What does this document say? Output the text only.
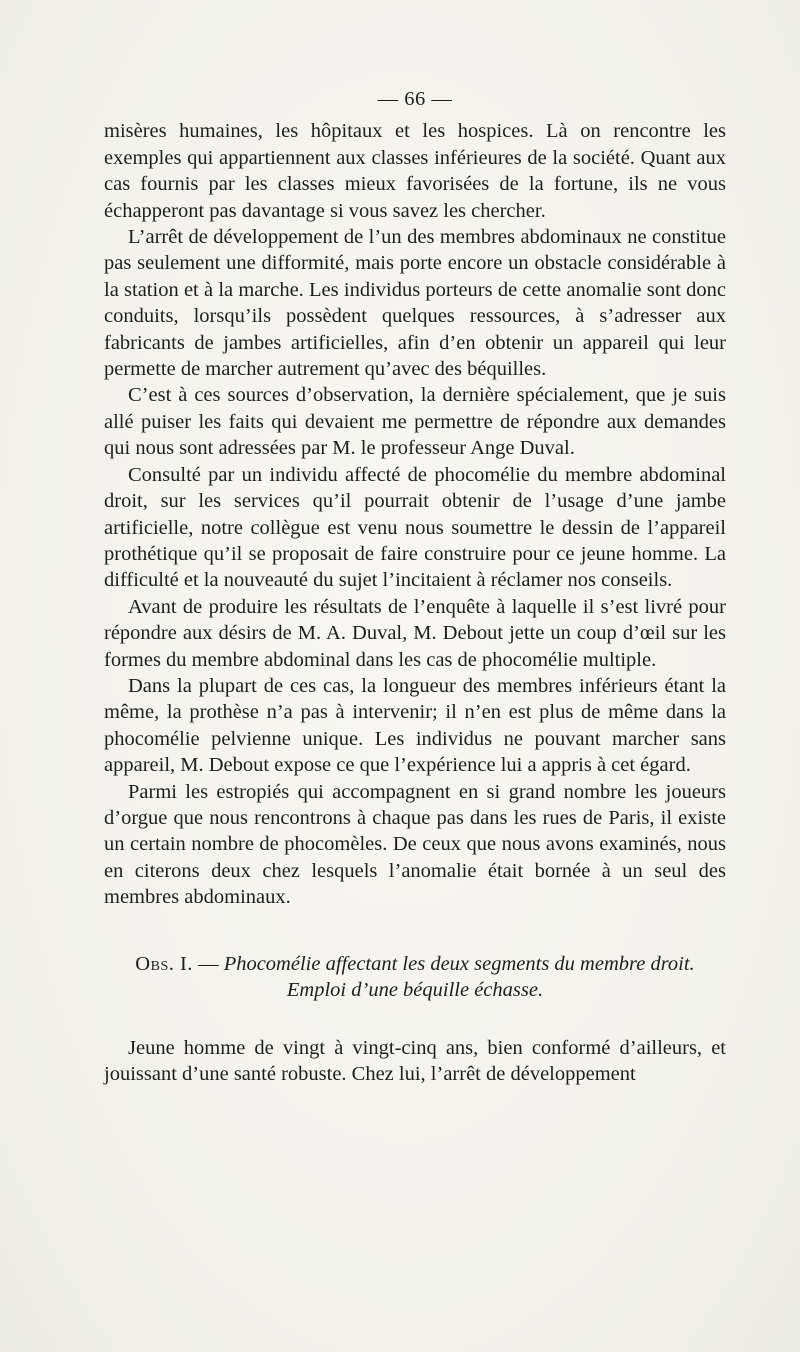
— 66 —

misères humaines, les hôpitaux et les hospices. Là on rencontre les exemples qui appartiennent aux classes inférieures de la société. Quant aux cas fournis par les classes mieux favorisées de la fortune, ils ne vous échapperont pas davantage si vous savez les chercher.

L’arrêt de développement de l’un des membres abdominaux ne constitue pas seulement une difformité, mais porte encore un obstacle considérable à la station et à la marche. Les individus porteurs de cette anomalie sont donc conduits, lorsqu’ils possèdent quelques ressources, à s’adresser aux fabricants de jambes artificielles, afin d’en obtenir un appareil qui leur permette de marcher autrement qu’avec des béquilles.

C’est à ces sources d’observation, la dernière spécialement, que je suis allé puiser les faits qui devaient me permettre de répondre aux demandes qui nous sont adressées par M. le professeur Ange Duval.

Consulté par un individu affecté de phocomélie du membre abdominal droit, sur les services qu’il pourrait obtenir de l’usage d’une jambe artificielle, notre collègue est venu nous soumettre le dessin de l’appareil prothétique qu’il se proposait de faire construire pour ce jeune homme. La difficulté et la nouveauté du sujet l’incitaient à réclamer nos conseils.

Avant de produire les résultats de l’enquête à laquelle il s’est livré pour répondre aux désirs de M. A. Duval, M. Debout jette un coup d’œil sur les formes du membre abdominal dans les cas de phocomélie multiple.

Dans la plupart de ces cas, la longueur des membres inférieurs étant la même, la prothèse n’a pas à intervenir; il n’en est plus de même dans la phocomélie pelvienne unique. Les individus ne pouvant marcher sans appareil, M. Debout expose ce que l’expérience lui a appris à cet égard.

Parmi les estropiés qui accompagnent en si grand nombre les joueurs d’orgue que nous rencontrons à chaque pas dans les rues de Paris, il existe un certain nombre de phocomèles. De ceux que nous avons examinés, nous en citerons deux chez lesquels l’anomalie était bornée à un seul des membres abdominaux.

Obs. I. — Phocomélie affectant les deux segments du membre droit.
Emploi d’une béquille échasse.

Jeune homme de vingt à vingt-cinq ans, bien conformé d’ailleurs, et jouissant d’une santé robuste. Chez lui, l’arrêt de développement
